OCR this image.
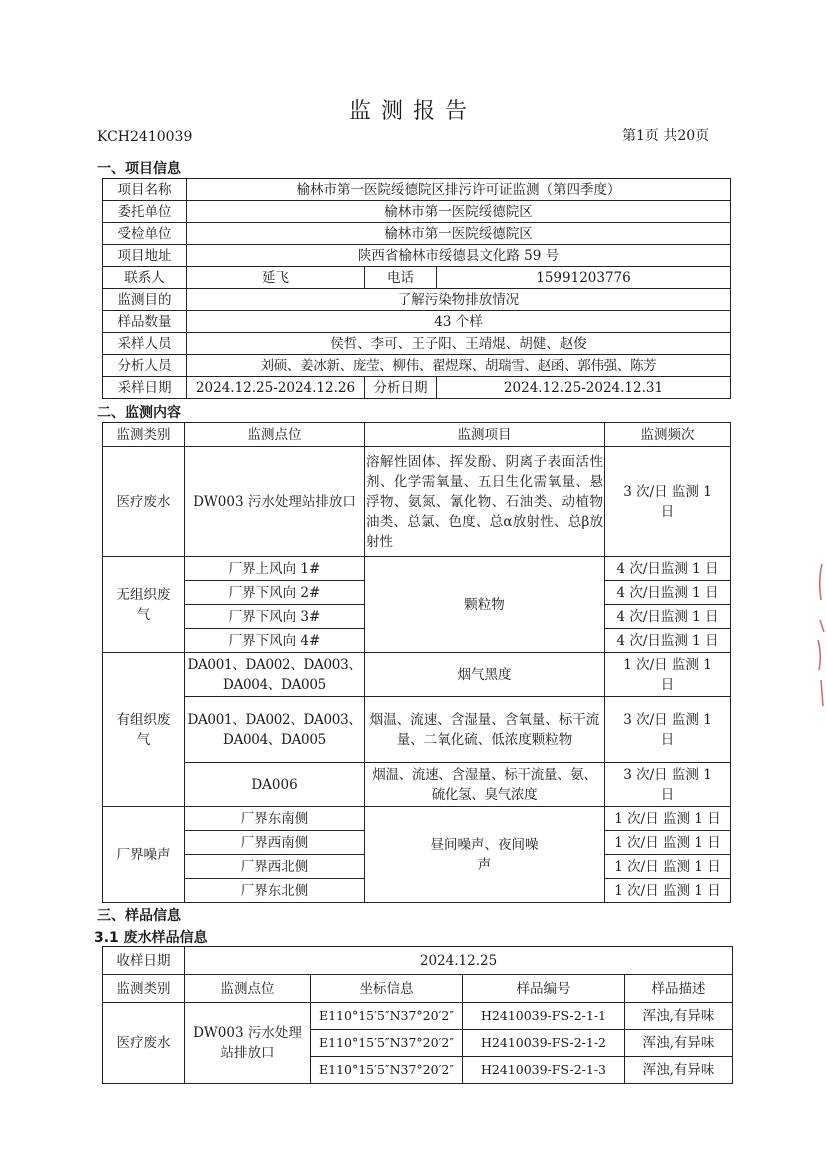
监测报告
KCH2410039	第1页 共20页
一、项目信息
项目名称	榆林市第一医院绥德院区排污许可证监测（第四季度）		
委托单位	榆林市第一医院绥德院区		
受检单位	榆林市第一医院绥德院区		
项目地址	陕西省榆林市绥德县文化路 59 号		
联系人	延飞	电话	15991203776
监测目的	了解污染物排放情况		
样品数量	43 个样		
采样人员	侯哲、李可、王子阳、王靖焜、胡健、赵俊		
分析人员	刘硕、姜冰新、庞莹、柳伟、翟煜琛、胡瑞雪、赵函、郭伟强、陈芳		
采样日期	2024.12.25-2024.12.26	分析日期	2024.12.25-2024.12.31
二、监测内容
监测类别	监测点位	监测项目	监测频次
医疗废水	DW003 污水处理站排放口	溶解性固体、挥发酚、阴离子表面活性剂、化学需氧量、五日生化需氧量、悬浮物、氨氮、氰化物、石油类、动植物油类、总氯、色度、总α放射性、总β放射性	3 次/日 监测 1 日
无组织废气	厂界上风向 1#	颗粒物	4 次/日监测 1 日
	厂界下风向 2#		4 次/日监测 1 日
	厂界下风向 3#		4 次/日监测 1 日
	厂界下风向 4#		4 次/日监测 1 日
有组织废气	DA001、DA002、DA003、DA004、DA005	烟气黑度	1 次/日 监测 1 日
	DA001、DA002、DA003、DA004、DA005	烟温、流速、含湿量、含氧量、标干流量、二氧化硫、低浓度颗粒物	3 次/日 监测 1 日
	DA006	烟温、流速、含湿量、标干流量、氨、硫化氢、臭气浓度	3 次/日 监测 1 日
厂界噪声	厂界东南侧	昼间噪声、夜间噪声	1 次/日 监测 1 日
	厂界西南侧		1 次/日 监测 1 日
	厂界西北侧		1 次/日 监测 1 日
	厂界东北侧		1 次/日 监测 1 日
三、样品信息
3.1 废水样品信息
收样日期	2024.12.25			
监测类别	监测点位	坐标信息	样品编号	样品描述
医疗废水	DW003 污水处理站排放口	E110°15′5″N37°20′2″	H2410039-FS-2-1-1	浑浊,有异味
		E110°15′5″N37°20′2″	H2410039-FS-2-1-2	浑浊,有异味
		E110°15′5″N37°20′2″	H2410039-FS-2-1-3	浑浊,有异味
